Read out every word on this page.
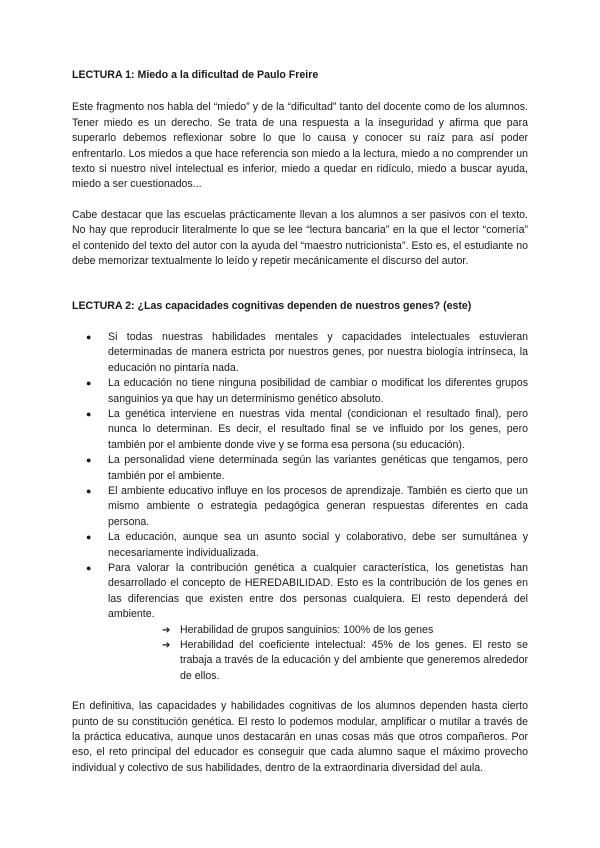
LECTURA 1: Miedo a la dificultad de Paulo Freire

Este fragmento nos habla del “miedo” y de la “dificultad” tanto del docente como de los alumnos. Tener miedo es un derecho. Se trata de una respuesta a la inseguridad y afirma que para superarlo debemos reflexionar sobre lo que lo causa y conocer su raíz para así poder enfrentarlo. Los miedos a que hace referencia son miedo a la lectura, miedo a no comprender un texto si nuestro nivel intelectual es inferior, miedo a quedar en ridículo, miedo a buscar ayuda, miedo a ser cuestionados...

Cabe destacar que las escuelas prácticamente llevan a los alumnos a ser pasivos con el texto. No hay que reproducir literalmente lo que se lee “lectura bancaria” en la que el lector “comería” el contenido del texto del autor con la ayuda del “maestro nutricionista”. Esto es, el estudiante no debe memorizar textualmente lo leído y repetir mecánicamente el discurso del autor.

LECTURA 2: ¿Las capacidades cognitivas dependen de nuestros genes? (este)
● Si todas nuestras habilidades mentales y capacidades intelectuales estuvieran determinadas de manera estricta por nuestros genes, por nuestra biología intrínseca, la educación no pintaría nada.
● La educación no tiene ninguna posibilidad de cambiar o modificat los diferentes grupos sanguinios ya que hay un determinismo genético absoluto.
● La genética interviene en nuestras vida mental (condicionan el resultado final), pero nunca lo determinan. Es decir, el resultado final se ve influido por los genes, pero también por el ambiente donde vive y se forma esa persona (su educación).
● La personalidad viene determinada según las variantes genéticas que tengamos, pero también por el ambiente.
● El ambiente educativo influye en los procesos de aprendizaje. También es cierto que un mismo ambiente o estrategia pedagógica generan respuestas diferentes en cada persona.
● La educación, aunque sea un asunto social y colaborativo, debe ser sumultánea y necesariamente individualizada.
● Para valorar la contribución genética a cualquier característica, los genetistas han desarrollado el concepto de HEREDABILIDAD. Esto es la contribución de los genes en las diferencias que existen entre dos personas cualquiera. El resto dependerá del ambiente.
➔ Herabilidad de grupos sanguinios: 100% de los genes
➔ Herabilidad del coeficiente intelectual: 45% de los genes. El resto se trabaja a través de la educación y del ambiente que generemos alrededor de ellos.

En definitiva, las capacidades y habilidades cognitivas de los alumnos dependen hasta cierto punto de su constitución genética. El resto lo podemos modular, amplificar o mutilar a través de la práctica educativa, aunque unos destacarán en unas cosas más que otros compañeros. Por eso, el reto principal del educador es conseguir que cada alumno saque el máximo provecho individual y colectivo de sus habilidades, dentro de la extraordinaria diversidad del aula.
